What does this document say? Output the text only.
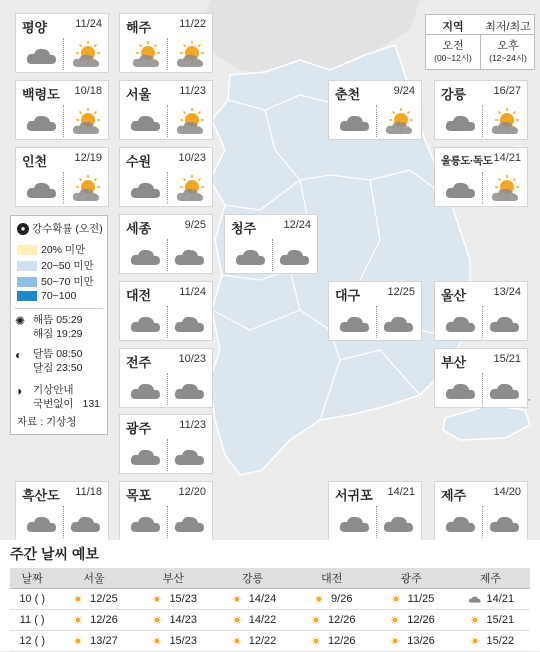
평양	11/24 해주	11/22
백령도 10/18 서울	11/23	춘천	9/24 강릉 16/27
인천 12/19 수원 10/23	울릉도·독도 14/21
세종	9/25 청주 12/24
대전	11/24	대구 12/25 울산 13/24
전주 10/23	부산 15/21
광주	11/23
흑산도 11/18 목포 12/20	서귀포 14/21 제주 14/20
지역	최저/최고
오전
(00~12시)
오후
(12~24시)
● 강수확률 (오전)
20% 미만
20~50 미만
50~70 미만
70~100
✺ 해뜸 05:29
해짐 19:29
◐ 달뜸 08:50
달짐 23:50
◑ 기상안내
국번없이 131
자료 : 기상청
주간 날씨 예보
날짜	서울	부산	강릉	대전	광주	제주
10 ( )	12/25	15/23	14/24	9/26	11/25	14/21
11 ( )	12/26	14/23	14/22	12/26	12/26	15/21
12 ( )	13/27	15/23	12/22	12/26	13/26	15/22
